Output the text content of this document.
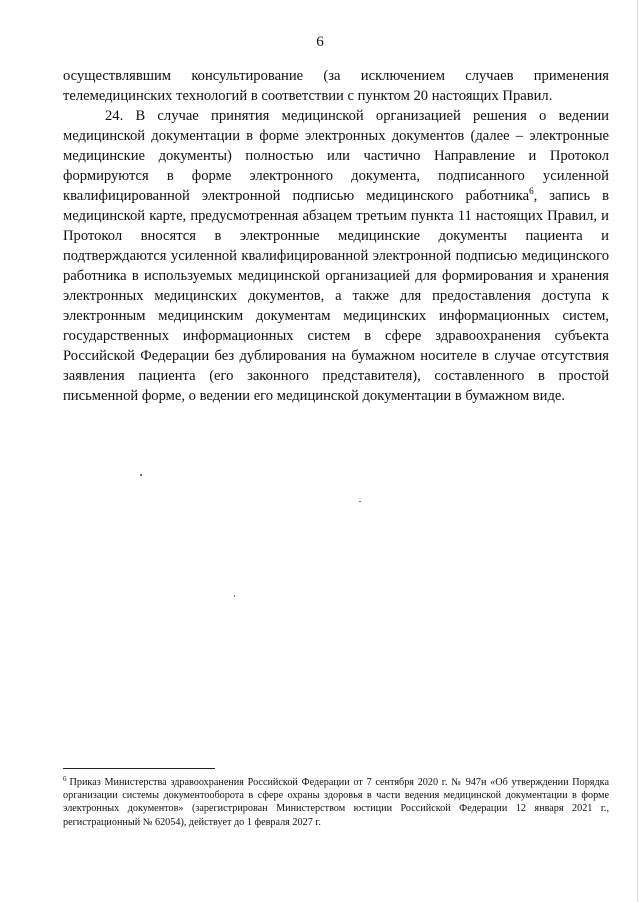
6

осуществлявшим консультирование (за исключением случаев применения телемедицинских технологий в соответствии с пунктом 20 настоящих Правил.

24. В случае принятия медицинской организацией решения о ведении медицинской документации в форме электронных документов (далее – электронные медицинские документы) полностью или частично Направление и Протокол формируются в форме электронного документа, подписанного усиленной квалифицированной электронной подписью медицинского работника$^6$, запись в медицинской карте, предусмотренная абзацем третьим пункта 11 настоящих Правил, и Протокол вносятся в электронные медицинские документы пациента и подтверждаются усиленной квалифицированной электронной подписью медицинского работника в используемых медицинской организацией для формирования и хранения электронных медицинских документов, а также для предоставления доступа к электронным медицинским документам медицинских информационных систем, государственных информационных систем в сфере здравоохранения субъекта Российской Федерации без дублирования на бумажном носителе в случае отсутствия заявления пациента (его законного представителя), составленного в простой письменной форме, о ведении его медицинской документации в бумажном виде.

$^6$ Приказ Министерства здравоохранения Российской Федерации от 7 сентября 2020 г. № 947н «Об утверждении Порядка организации системы документооборота в сфере охраны здоровья в части ведения медицинской документации в форме электронных документов» (зарегистрирован Министерством юстиции Российской Федерации 12 января 2021 г., регистрационный № 62054), действует до 1 февраля 2027 г.
